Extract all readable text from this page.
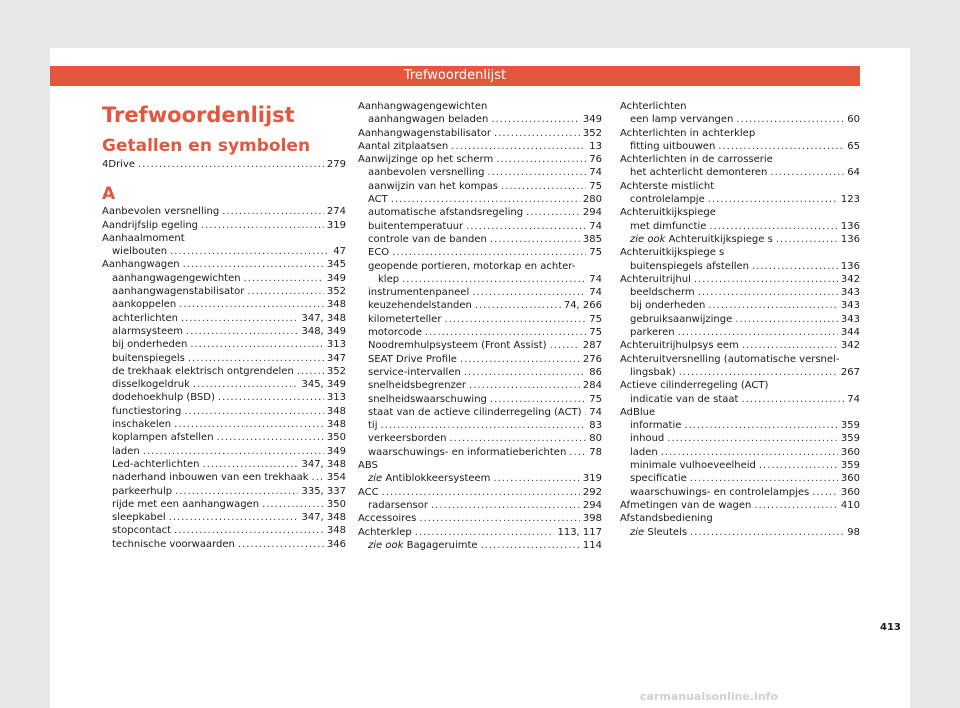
Trefwoordenlijst
Trefwoordenlijst
Getallen en symbolen
4Drive .....	279
A
Aanbevolen versnelling .....	274
Aandrijfslip egeling .....	319
Aanhaalmoment
wielbouten .....	47
Aanhangwagen .....	345
aanhangwagengewichten .....	349
aanhangwagenstabilisator .....	352
aankoppelen .....	348
achterlichten .....	347, 348
alarmsysteem .....	348, 349
bij onderheden .....	313
buitenspiegels .....	347
de trekhaak elektrisch ontgrendelen .....	352
disselkogeldruk .....	345, 349
dodehoekhulp (BSD) .....	313
functiestoring .....	348
inschakelen .....	348
koplampen afstellen .....	350
laden .....	349
Led-achterlichten .....	347, 348
naderhand inbouwen van een trekhaak ..... 354
parkeerhulp .....	335, 337
rijde met een aanhangwagen .....	350
sleepkabel .....	347, 348
stopcontact .....	348
technische voorwaarden .....	346
Aanhangwagengewichten
aanhangwagen beladen .....	349
Aanhangwagenstabilisator .....	352
Aantal zitplaatsen .....	13
Aanwijzinge op het scherm .....	76
aanbevolen versnelling .....	74
aanwijzin van het kompas .....	75
ACT .....	280
automatische afstandsregeling .....	294
buitentemperatuur .....	74
controle van de banden .....	385
ECO .....	75
geopende portieren, motorkap en achter-
klep .....	74
instrumentenpaneel .....	74
keuzehendelstanden .....	74, 266
kilometerteller .....	75
motorcode .....	75
Noodremhulpsysteem (Front Assist) .....	287
SEAT Drive Profile .....	276
service-intervallen .....	86
snelheidsbegrenzer .....	284
snelheidswaarschuwing .....	75
staat van de actieve cilinderregeling (ACT) ..... 74
tij .....	83
verkeersborden .....	80
waarschuwings- en informatieberichten ..... 78
ABS
zie Antiblokkeersysteem .....	319
ACC .....	292
radarsensor .....	294
Accessoires .....	398
Achterklep .....	113, 117
zie ook Bagageruimte .....	114
Achterlichten
een lamp vervangen .....	60
Achterlichten in achterklep
fitting uitbouwen .....	65
Achterlichten in de carrosserie
het achterlicht demonteren .....	64
Achterste mistlicht
controlelampje .....	123
Achteruitkijkspiege
met dimfunctie .....	136
zie ook Achteruitkijkspiege s .....	136
Achteruitkijkspiege s
buitenspiegels afstellen .....	136
Achteruitrijhul .....	342
beeldscherm .....	343
bij onderheden .....	343
gebruiksaanwijzinge .....	343
parkeren .....	344
Achteruitrijhulpsys eem .....	342
Achteruitversnelling (automatische versnel-
lingsbak) .....	267
Actieve cilinderregeling (ACT)
indicatie van de staat .....	74
AdBlue
informatie .....	359
inhoud .....	359
laden .....	360
minimale vulhoeveelheid .....	359
specificatie .....	360
waarschuwings- en controlelampjes .....	360
Afmetingen van de wagen .....	410
Afstandsbediening
zie Sleutels .....	98
413
carmanualsonline.info
